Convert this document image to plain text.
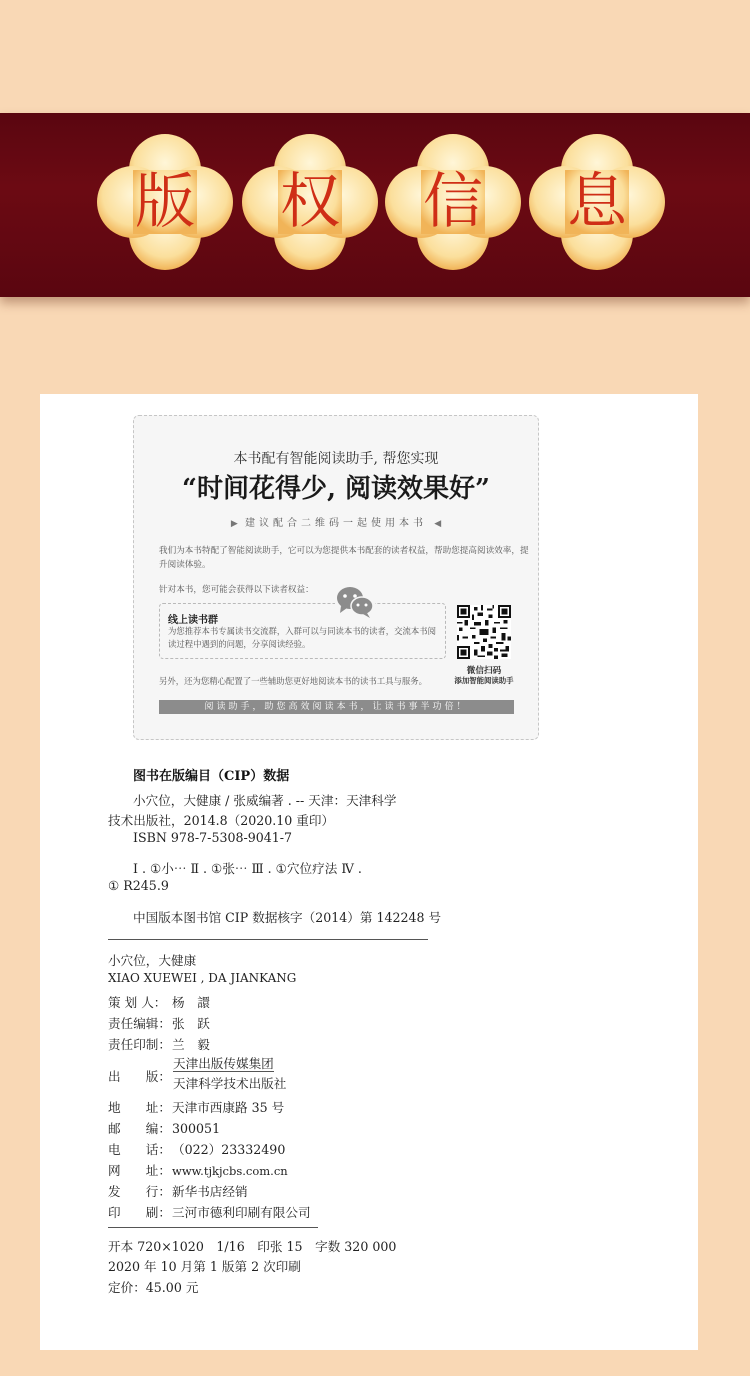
版	权	信	息
本书配有智能阅读助手, 帮您实现
“时间花得少, 阅读效果好”
▶ 建议配合二维码一起使用本书 ◀
我们为本书特配了智能阅读助手，它可以为您提供本书配套的读者权益，帮助您提高阅读效率，提升阅读体验。
针对本书，您可能会获得以下读者权益：
线上读书群
为您推荐本书专属读书交流群，入群可以与同读本书的读者，交流本书阅读过程中遇到的问题，分享阅读经验。
微信扫码
添加智能阅读助手
另外，还为您精心配置了一些辅助您更好地阅读本书的读书工具与服务。
阅读助手，助您高效阅读本书，让读书事半功倍！
图书在版编目（CIP）数据
小穴位，大健康 / 张威编著 . -- 天津：天津科学
技术出版社，2014.8（2020.10 重印）
ISBN 978-7-5308-9041-7
Ⅰ . ①小⋯ Ⅱ . ①张⋯ Ⅲ . ①穴位疗法 Ⅳ .
① R245.9
中国版本图书馆 CIP 数据核字（2014）第 142248 号
小穴位，大健康
XIAO XUEWEI , DA JIANKANG
策 划 人： 杨　譞
责任编辑：张　跃
责任印制：兰　毅
出　　版：
天津出版传媒集团
天津科学技术出版社
地　　址：天津市西康路 35 号
邮　　编：300051
电　　话：（022）23332490
网　　址：www.tjkjcbs.com.cn
发　　行：新华书店经销
印　　刷：三河市德利印刷有限公司
开本 720×1020　1/16　印张 15　字数 320 000
2020 年 10 月第 1 版第 2 次印刷
定价：45.00 元
